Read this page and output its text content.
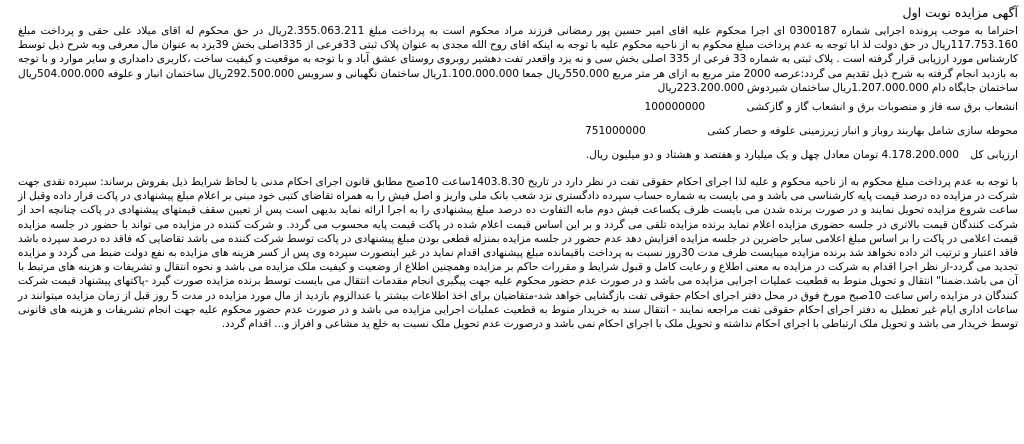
آگهی مزایده نوبت اول

احتراما به موجب پرونده اجرایی شماره 0300187 ای اجرا محکوم علیه اقای امیر حسین پور رمضانی فرزند مراد محکوم است به پرداخت مبلغ 2.355.063.211ریال در حق محکوم له اقای میلاد علی حقی و پرداخت مبلغ 117.753.160ریال در حق دولت لذ ابا توجه به عدم پرداخت مبلغ محکوم به از ناحیه محکوم علیه با توجه به اینکه اقای روح الله مجدی به عنوان پلاک ثبتی 33فرعی از 335اصلی بخش 39یزد به عنوان مال معرفی وبه شرح ذیل توسط کارشناس مورد ارزیابی قرار گرفته است . پلاک ثبتی به شماره 33 فرعی از 335 اصلی بخش سی و نه یزد واقعدر تفت دهشیر روبروی روستای عشق آباد و با توجه به موقعیت و کیفیت ساخت ،کاربری دامداری و سایر موارد و با توجه به بازدید انجام گرفته به شرح ذیل تقدیم می گردد:عرصه 2000 متر مربع به ازای هر متر مربع 550.000ریال جمعا 1.100.000.000ریال ساختمان نگهبانی و سرویس 292.500.000ریال ساختمان انبار و علوفه 504.000.000ریال ساختمان جایگاه دام 1.207.000.000ریال ساختمان شیردوش 223.200.000ریال

انشعاب برق سه فاز و منصوبات برق و انشعاب گاز و گازکشی 100000000
محوطه سازی شامل بهاربند روباز و انبار زیرزمینی علوفه و حصار کشی 751000000
ارزیابی کل 4.178.200.000 تومان معادل چهل و یک میلیارد و هفتصد و هشتاد و دو میلیون ریال.

با توجه به عدم پرداخت مبلغ محکوم به از ناحیه محکوم و علیه لذا اجرای احکام حقوقی تفت در نظر دارد در تاریخ 1403.8.30ساعت 10صبح مطابق قانون اجرای احکام مدنی با لحاظ شرایط ذیل بفروش برساند: سپرده نقدی جهت شرکت در مزایده ده درصد قیمت پایه کارشناسی می باشد و می بایست به شماره حساب سپرده دادگستری نزد شعب بانک ملی واریز و اصل فیش را به همراه تقاضای کتبی خود مبنی بر اعلام مبلغ پیشنهادی در پاکت قرار داده وقبل از ساعت شروع مزایده تحویل نمایند و در صورت برنده شدن می بایست ظرف یکساعت فیش دوم مابه التفاوت ده درصد مبلغ پیشنهادی را به اجرا ارائه نماید بدیهی است پس از تعیین سقف قیمتهای پیشنهادی در پاکت چنانچه احد از شرکت کنندگان قیمت بالاتری در جلسه حضوری مزایده اعلام نماید برنده مزایده تلقی می گردد و بر این اساس قیمت اعلام شده در پاکت قیمت پایه محسوب می گردد. و شرکت کننده در مزایده می تواند با حضور در جلسه مزایده قیمت اعلامی در پاکت را بر اساس مبلغ اعلامی سایر حاضرین در جلسه مزایده افزایش دهد عدم حضور در جلسه مزایده بمنزله قطعی بودن مبلغ پیشنهادی در پاکت توسط شرکت کننده می باشد تقاضایی که فاقد ده درصد سپرده باشد فاقد اعتبار و ترتیب اثر داده نخواهد شد برنده مزایده میبایست ظرف مدت 30روز نسبت به پرداخت باقیمانده مبلغ پیشنهادی اقدام نماید در غیر اینصورت سپرده وی پس از کسر هزینه های مزایده به نفع دولت ضبط می گردد و مزایده تجدید می گردد-از نظر اجرا اقدام به شرکت در مزایده به معنی اطلاع و رعایت کامل و قبول شرایط و مقررات حاکم بر مزایده وهمچنین اطلاع از وضعیت و کیفیت ملک مزایده می باشد و نحوه انتقال و تشریفات و هزینه های مرتبط با آن می باشد.ضمنا" انتقال و تحویل منوط به قطعیت عملیات اجرایی مزایده می باشد و در صورت عدم حضور محکوم علیه جهت پیگیری انجام مقدمات انتقال می بایست توسط برنده مزایده صورت گیرد -پاکتهای پیشنهاد قیمت شرکت کنندگان در مزایده راس ساعت 10صبح مورخ فوق در محل دفتر اجرای احکام حقوقی تفت بازگشایی خواهد شد-متقاضیان برای اخذ اطلاعات بیشتر یا عندالزوم بازدید از مال مورد مزایده در مدت 5 روز قبل از زمان مزایده میتوانند در ساعات اداری ایام غیر تعطیل به دفتر اجرای احکام حقوقی تفت مراجعه نمایند - انتقال سند به خریدار منوط به قطعیت عملیات اجرایی مزایده می باشد و در صورت عدم حضور محکوم علیه جهت انجام تشریفات و هزینه های قانونی توسط خریدار می باشد و تحویل ملک ارتباطی با اجرای احکام نداشته و تحویل ملک با اجرای احکام نمی باشد و درصورت عدم تحویل ملک نسبت به خلع ید مشاعی و افراز و... اقدام گردد.
